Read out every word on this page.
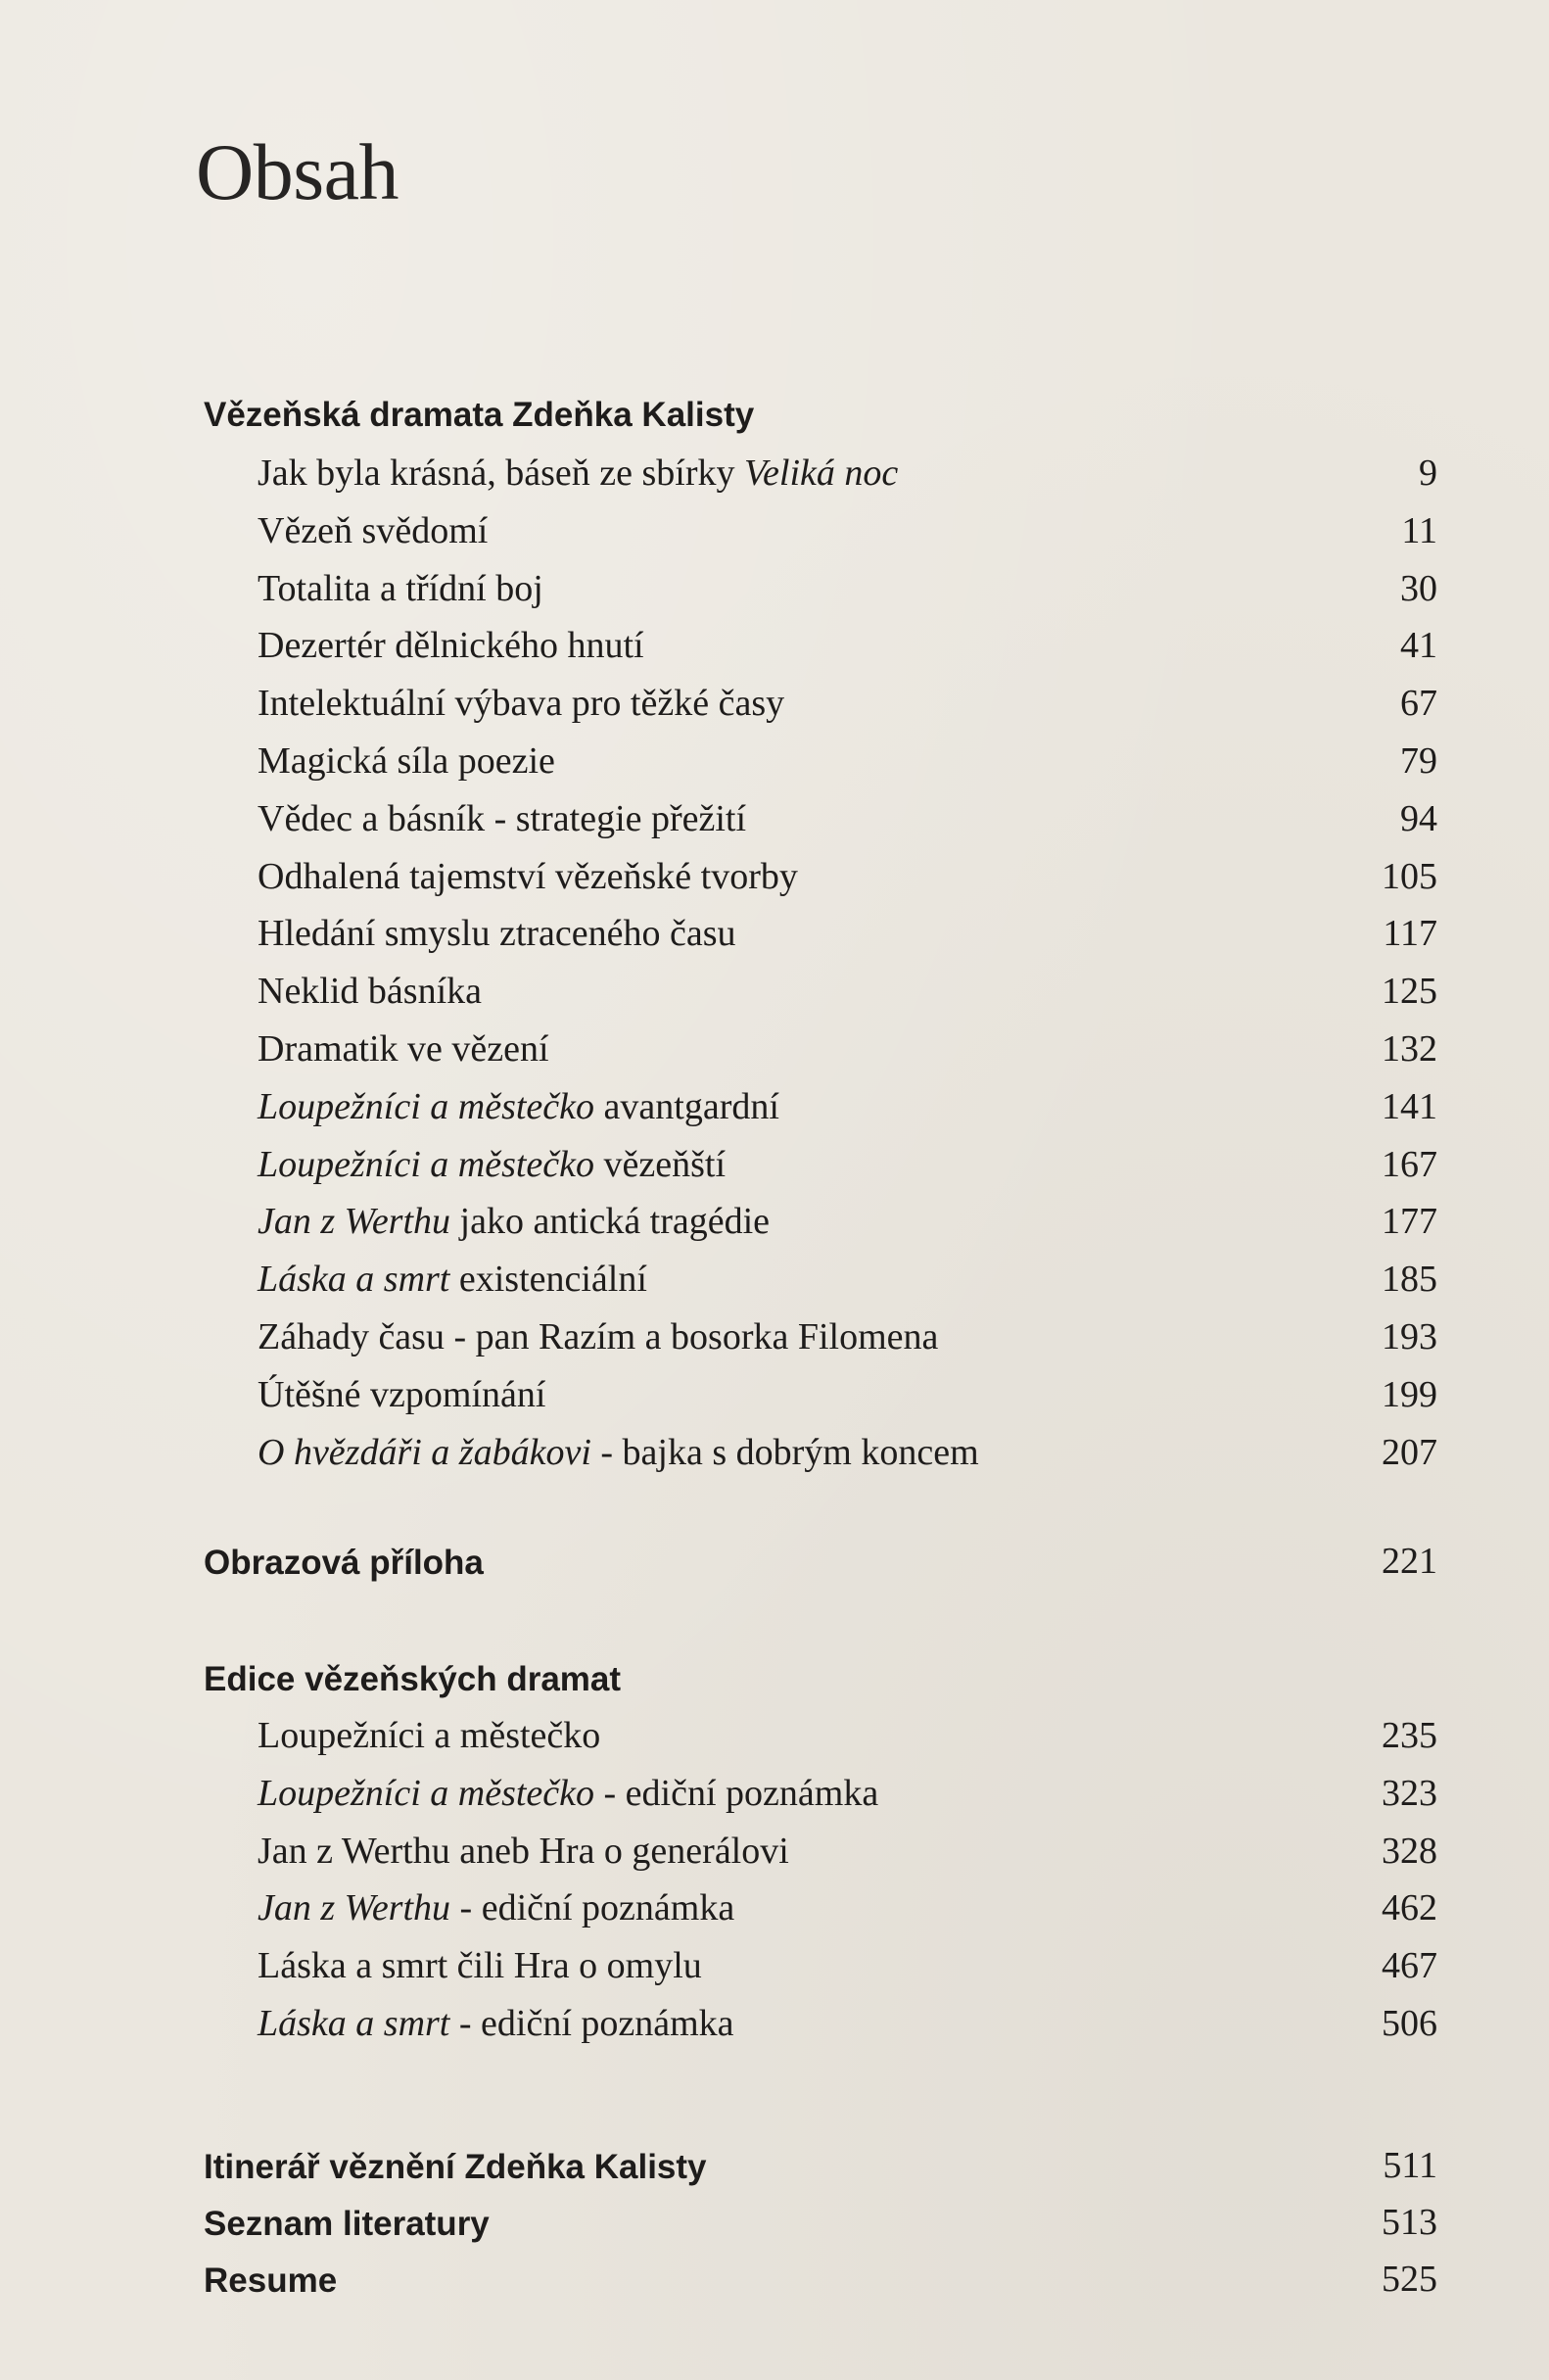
Obsah
Vězeňská dramata Zdeňka Kalisty
Jak byla krásná, báseň ze sbírky Veliká noc	9
Vězeň svědomí	11
Totalita a třídní boj	30
Dezertér dělnického hnutí	41
Intelektuální výbava pro těžké časy	67
Magická síla poezie	79
Vědec a básník - strategie přežití	94
Odhalená tajemství vězeňské tvorby	105
Hledání smyslu ztraceného času	117
Neklid básníka	125
Dramatik ve vězení	132
Loupežníci a městečko avantgardní	141
Loupežníci a městečko vězeňští	167
Jan z Werthu jako antická tragédie	177
Láska a smrt existenciální	185
Záhady času - pan Razím a bosorka Filomena	193
Útěšné vzpomínání	199
O hvězdáři a žabákovi - bajka s dobrým koncem	207
Obrazová příloha	221
Edice vězeňských dramat
Loupežníci a městečko	235
Loupežníci a městečko - ediční poznámka	323
Jan z Werthu aneb Hra o generálovi	328
Jan z Werthu - ediční poznámka	462
Láska a smrt čili Hra o omylu	467
Láska a smrt - ediční poznámka	506
Itinerář věznění Zdeňka Kalisty	511
Seznam literatury	513
Resume	525
